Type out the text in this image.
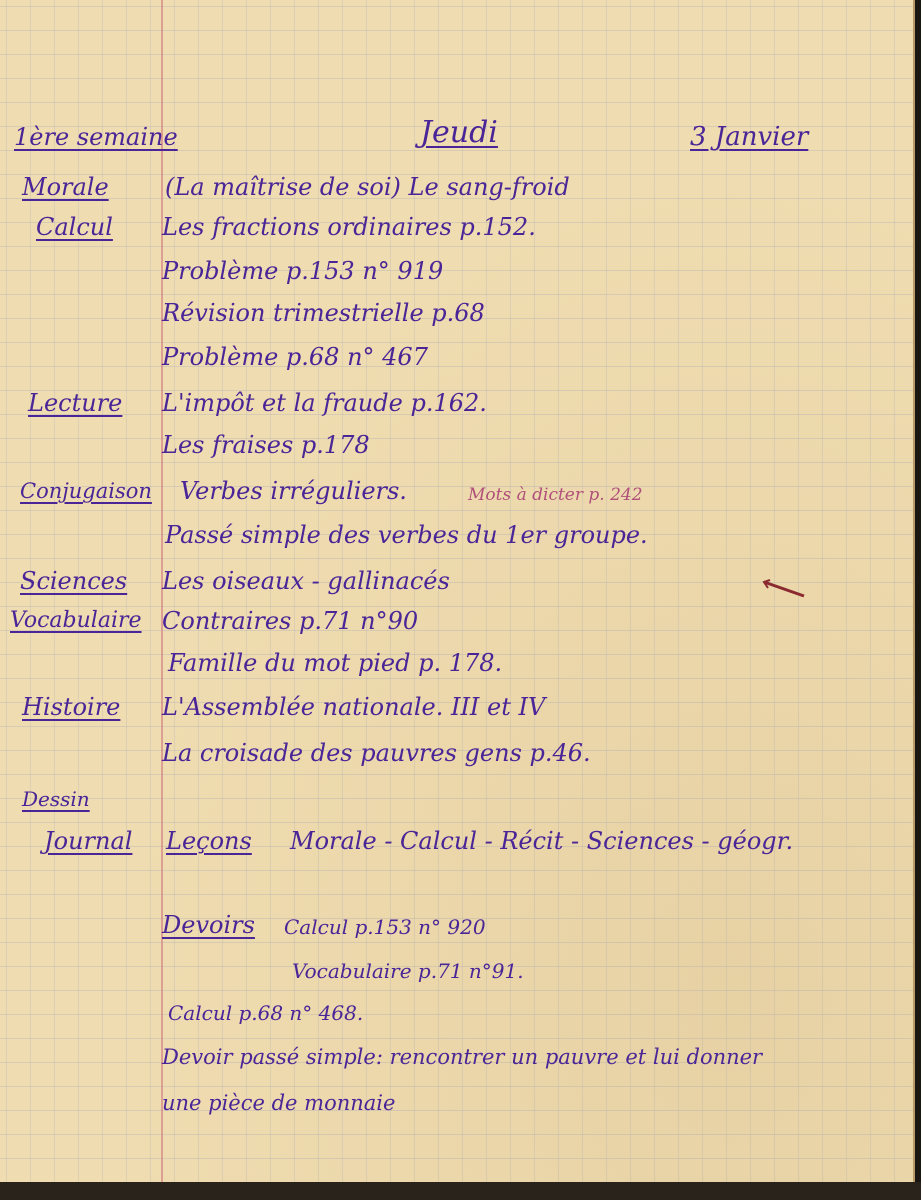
1ère semaine	Jeudi	3 Janvier
Morale (La maîtrise de soi) Le sang-froid
Calcul Les fractions ordinaires p.152.
Problème p.153 n° 919
Révision trimestrielle p.68
Problème p.68 n° 467
Lecture L'impôt et la fraude p.162.
Les fraises p.178
Conjugaison Verbes irréguliers.	Mots à dicter p. 242
Passé simple des verbes du 1er groupe.
Sciences Les oiseaux - gallinacés
Vocabulaire Contraires p.71 n°90
Famille du mot pied p. 178.
Histoire L'Assemblée nationale. III et IV
La croisade des pauvres gens p.46.
Dessin
Journal Leçons Morale - Calcul - Récit - Sciences - géogr.
Devoirs Calcul p.153 n° 920
Vocabulaire p.71 n°91.
Calcul p.68 n° 468.
Devoir passé simple: rencontrer un pauvre et lui donner
une pièce de monnaie
